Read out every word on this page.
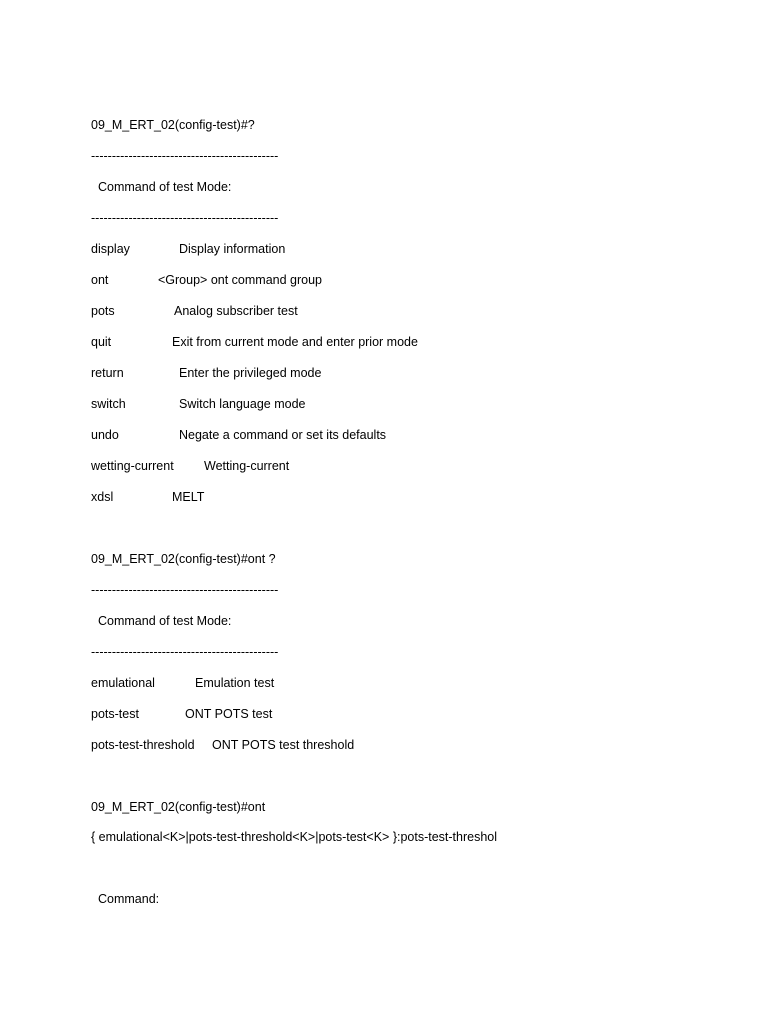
09_M_ERT_02(config-test)#?
---------------------------------------------
Command of test Mode:
---------------------------------------------
display	Display information
ont	<Group> ont command group
pots	Analog subscriber test
quit	Exit from current mode and enter prior mode
return	Enter the privileged mode
switch	Switch language mode
undo	Negate a command or set its defaults
wetting-current Wetting-current
xdsl	MELT
09_M_ERT_02(config-test)#ont ?
---------------------------------------------
Command of test Mode:
---------------------------------------------
emulational	Emulation test
pots-test	ONT POTS test
pots-test-threshold ONT POTS test threshold
09_M_ERT_02(config-test)#ont
{ emulational<K>|pots-test-threshold<K>|pots-test<K> }:pots-test-threshol
Command:
